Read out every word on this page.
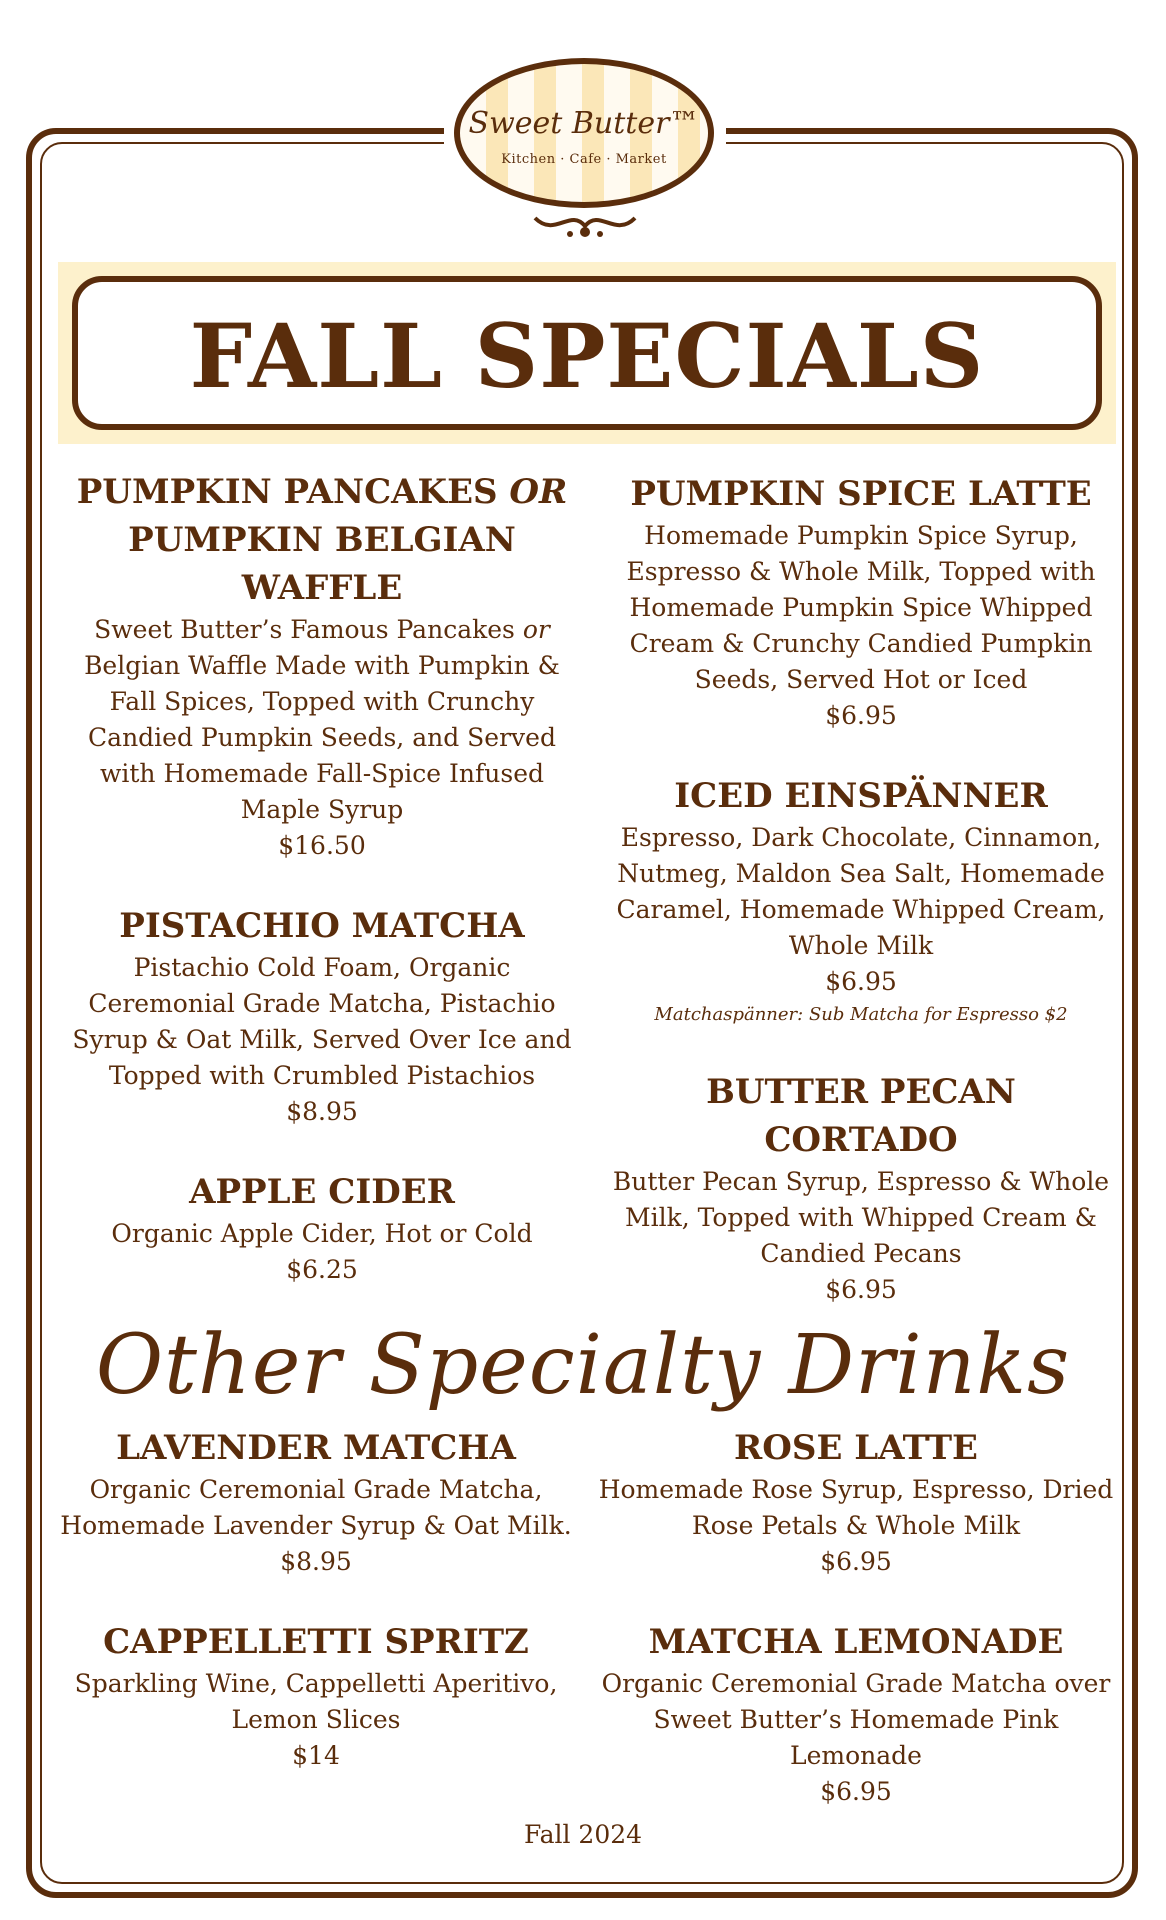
Sweet Butter™
Kitchen · Cafe · Market
FALL SPECIALS
PUMPKIN PANCAKES OR PUMPKIN BELGIAN WAFFLE
Sweet Butter’s Famous Pancakes or Belgian Waffle Made with Pumpkin & Fall Spices, Topped with Crunchy Candied Pumpkin Seeds, and Served with Homemade Fall-Spice Infused Maple Syrup
$16.50
PISTACHIO MATCHA
Pistachio Cold Foam, Organic Ceremonial Grade Matcha, Pistachio Syrup & Oat Milk, Served Over Ice and Topped with Crumbled Pistachios
$8.95
APPLE CIDER
Organic Apple Cider, Hot or Cold
$6.25
PUMPKIN SPICE LATTE
Homemade Pumpkin Spice Syrup, Espresso & Whole Milk, Topped with Homemade Pumpkin Spice Whipped Cream & Crunchy Candied Pumpkin Seeds, Served Hot or Iced
$6.95
ICED EINSPÄNNER
Espresso, Dark Chocolate, Cinnamon, Nutmeg, Maldon Sea Salt, Homemade Caramel, Homemade Whipped Cream, Whole Milk
$6.95
Matchaspänner: Sub Matcha for Espresso $2
BUTTER PECAN CORTADO
Butter Pecan Syrup, Espresso & Whole Milk, Topped with Whipped Cream & Candied Pecans
$6.95
Other Specialty Drinks
LAVENDER MATCHA
Organic Ceremonial Grade Matcha, Homemade Lavender Syrup & Oat Milk.
$8.95
CAPPELLETTI SPRITZ
Sparkling Wine, Cappelletti Aperitivo, Lemon Slices
$14
ROSE LATTE
Homemade Rose Syrup, Espresso, Dried Rose Petals & Whole Milk
$6.95
MATCHA LEMONADE
Organic Ceremonial Grade Matcha over Sweet Butter’s Homemade Pink Lemonade
$6.95
Fall 2024
